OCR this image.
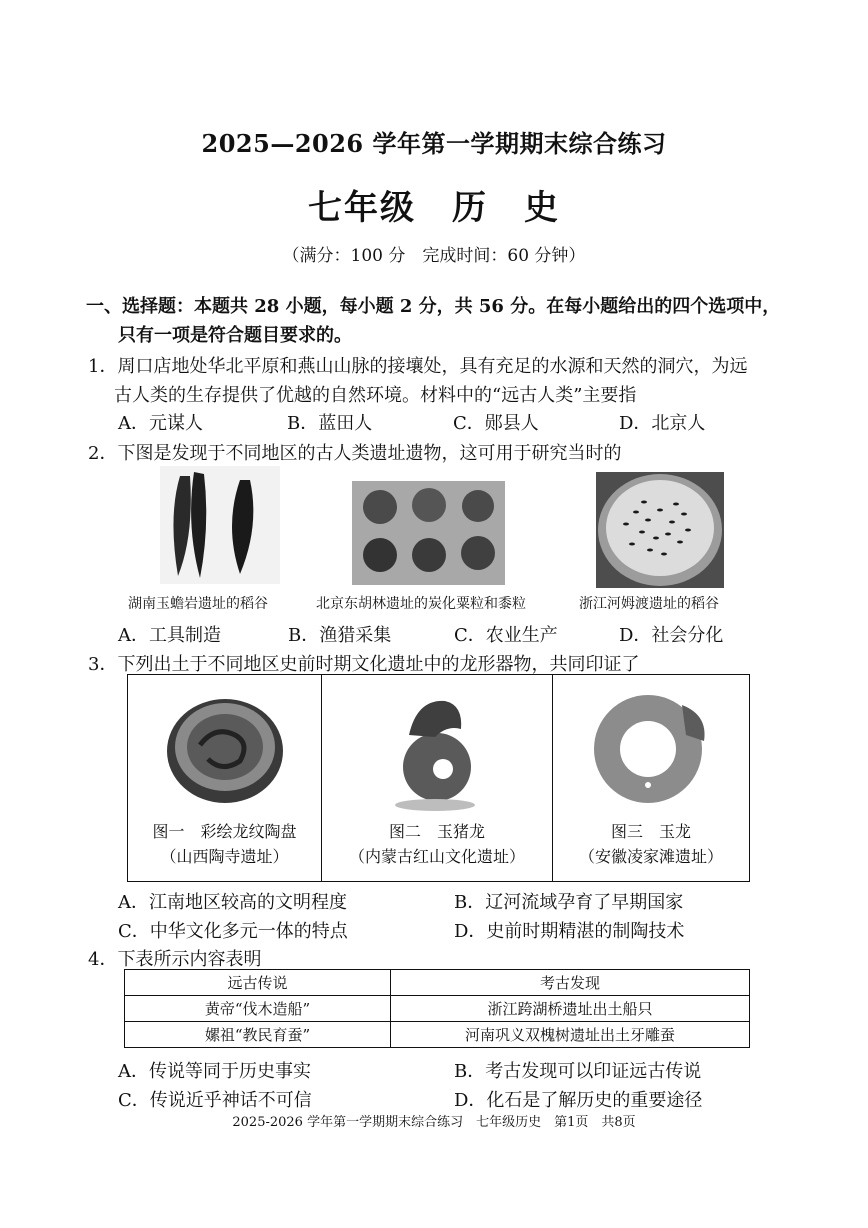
2025—2026 学年第一学期期末综合练习
七年级　历　史
（满分：100 分　完成时间：60 分钟）
一、选择题：本题共 28 小题，每小题 2 分，共 56 分。在每小题给出的四个选项中，
只有一项是符合题目要求的。
1．周口店地处华北平原和燕山山脉的接壤处，具有充足的水源和天然的洞穴，为远
古人类的生存提供了优越的自然环境。材料中的“远古人类”主要指
A．元谋人	B．蓝田人	C．郧县人	D．北京人
2．下图是发现于不同地区的古人类遗址遗物，这可用于研究当时的
湖南玉蟾岩遗址的稻谷	北京东胡林遗址的炭化粟粒和黍粒	浙江河姆渡遗址的稻谷
A．工具制造	B．渔猎采集	C．农业生产	D．社会分化
3．下列出土于不同地区史前时期文化遗址中的龙形器物，共同印证了
图一　彩绘龙纹陶盘
（山西陶寺遗址）

图二　玉猪龙
（内蒙古红山文化遗址）

图三　玉龙
（安徽凌家滩遗址）
A．江南地区较高的文明程度	B．辽河流域孕育了早期国家
C．中华文化多元一体的特点	D．史前时期精湛的制陶技术
4．下表所示内容表明
远古传说	考古发现
黄帝“伐木造船”	浙江跨湖桥遗址出土船只
嫘祖“教民育蚕”	河南巩义双槐树遗址出土牙雕蚕
A．传说等同于历史事实	B．考古发现可以印证远古传说
C．传说近乎神话不可信	D．化石是了解历史的重要途径
2025-2026 学年第一学期期末综合练习　七年级历史　第1页　共8页
